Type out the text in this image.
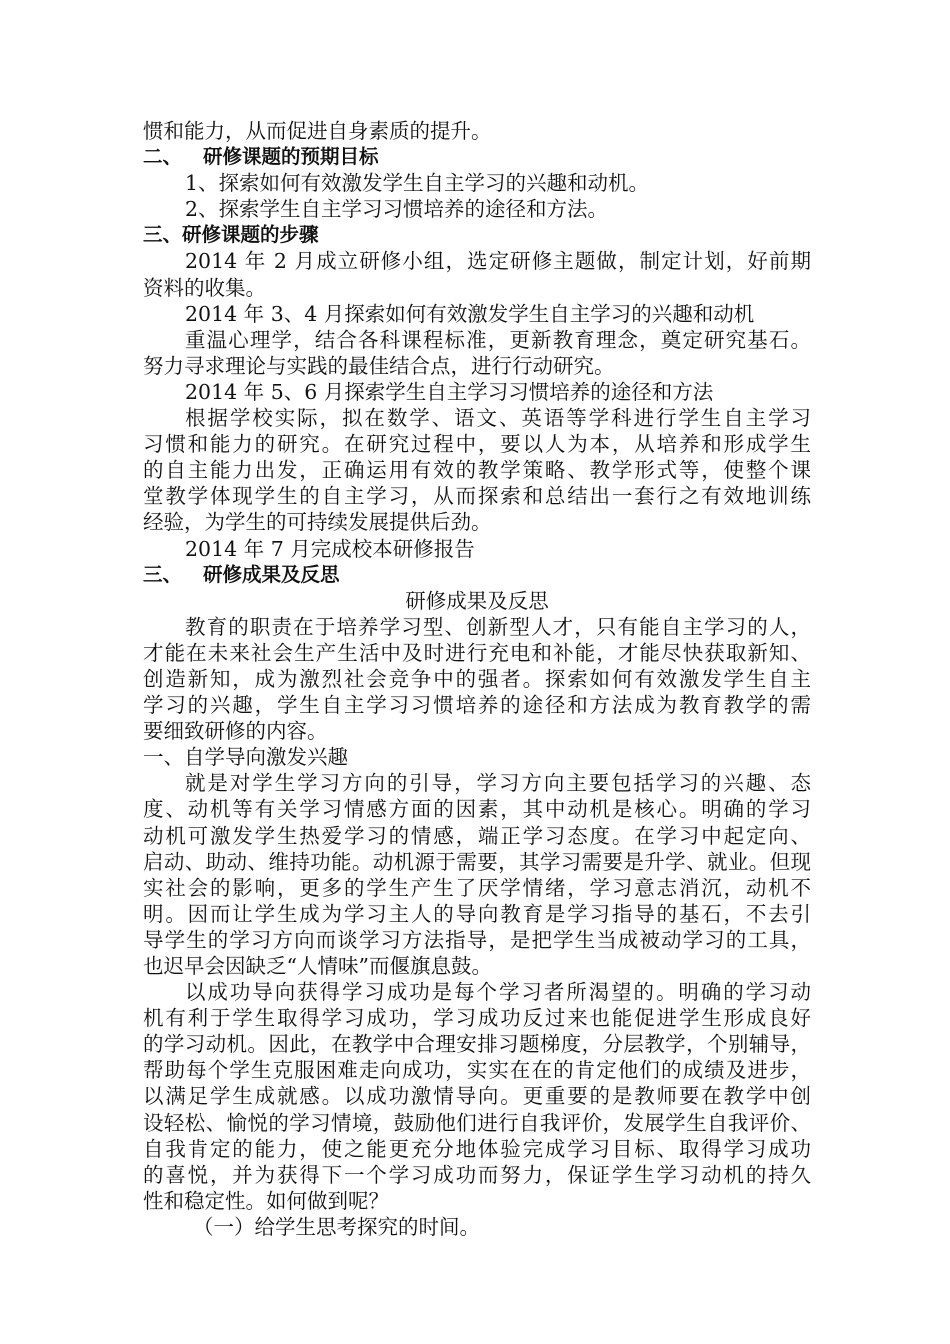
惯和能力，从而促进自身素质的提升。
二、 研修课题的预期目标
1、探索如何有效激发学生自主学习的兴趣和动机。
2、探索学生自主学习习惯培养的途径和方法。
三、研修课题的步骤
2014 年 2 月成立研修小组，选定研修主题做，制定计划，好前期
资料的收集。
2014 年 3、4 月探索如何有效激发学生自主学习的兴趣和动机
重温心理学，结合各科课程标准，更新教育理念，奠定研究基石。
努力寻求理论与实践的最佳结合点，进行行动研究。
2014 年 5、6 月探索学生自主学习习惯培养的途径和方法
根据学校实际，拟在数学、语文、英语等学科进行学生自主学习
习惯和能力的研究。在研究过程中，要以人为本，从培养和形成学生
的自主能力出发，正确运用有效的教学策略、教学形式等，使整个课
堂教学体现学生的自主学习，从而探索和总结出一套行之有效地训练
经验，为学生的可持续发展提供后劲。
2014 年 7 月完成校本研修报告
三、 研修成果及反思
研修成果及反思
教育的职责在于培养学习型、创新型人才，只有能自主学习的人，
才能在未来社会生产生活中及时进行充电和补能，才能尽快获取新知、
创造新知，成为激烈社会竞争中的强者。探索如何有效激发学生自主
学习的兴趣，学生自主学习习惯培养的途径和方法成为教育教学的需
要细致研修的内容。
一、自学导向激发兴趣
就是对学生学习方向的引导，学习方向主要包括学习的兴趣、态
度、动机等有关学习情感方面的因素，其中动机是核心。明确的学习
动机可激发学生热爱学习的情感，端正学习态度。在学习中起定向、
启动、助动、维持功能。动机源于需要，其学习需要是升学、就业。但现
实社会的影响，更多的学生产生了厌学情绪，学习意志消沉，动机不
明。因而让学生成为学习主人的导向教育是学习指导的基石，不去引
导学生的学习方向而谈学习方法指导，是把学生当成被动学习的工具，
也迟早会因缺乏“人情味”而偃旗息鼓。
以成功导向获得学习成功是每个学习者所渴望的。明确的学习动
机有利于学生取得学习成功，学习成功反过来也能促进学生形成良好
的学习动机。因此，在教学中合理安排习题梯度，分层教学，个别辅导，
帮助每个学生克服困难走向成功，实实在在的肯定他们的成绩及进步，
以满足学生成就感。以成功激情导向。更重要的是教师要在教学中创
设轻松、愉悦的学习情境，鼓励他们进行自我评价，发展学生自我评价、
自我肯定的能力，使之能更充分地体验完成学习目标、取得学习成功
的喜悦，并为获得下一个学习成功而努力，保证学生学习动机的持久
性和稳定性。如何做到呢？
（一）给学生思考探究的时间。
